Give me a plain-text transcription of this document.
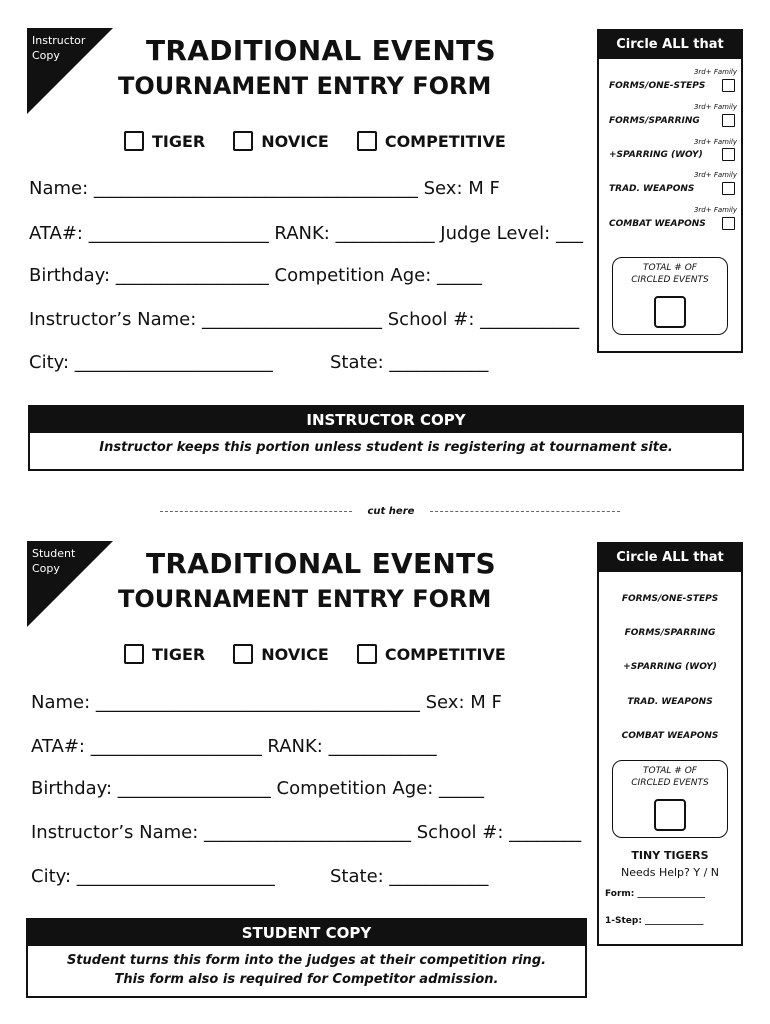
Instructor
Copy	TRADITIONAL EVENTS
TOURNAMENT ENTRY FORM
TIGER	NOVICE	COMPETITIVE
Name: ____________________________________ Sex: M F
ATA#: ____________________ RANK: ___________ Judge Level: ___
Birthday: _________________ Competition Age: _____
Instructor’s Name: ____________________ School #: ___________
City: ______________________	State: ___________
Circle ALL that Apply 3rd+ Family
FORMS/ONE-STEPS
3rd+ Family
FORMS/SPARRING
3rd+ Family
+SPARRING (WOY)
3rd+ Family
TRAD. WEAPONS
3rd+ Family
COMBAT WEAPONS
TOTAL # OF
CIRCLED EVENTS
INSTRUCTOR COPY
Instructor keeps this portion unless student is registering at tournament site.
cut here
Student
Copy	TRADITIONAL EVENTS
TOURNAMENT ENTRY FORM
TIGER	NOVICE	COMPETITIVE
Name: ____________________________________ Sex: M F
ATA#: ___________________ RANK: ____________
Birthday: _________________ Competition Age: _____
Instructor’s Name: _______________________ School #: ________
City: ______________________	State: ___________
Circle ALL that Apply
FORMS/ONE-STEPS
FORMS/SPARRING
+SPARRING (WOY)
TRAD. WEAPONS
COMBAT WEAPONS
TOTAL # OF
CIRCLED EVENTS
TINY TIGERS
Needs Help? Y / N
Form: _______________
1-Step: _____________
STUDENT COPY
Student turns this form into the judges at their competition ring.
This form also is required for Competitor admission.
